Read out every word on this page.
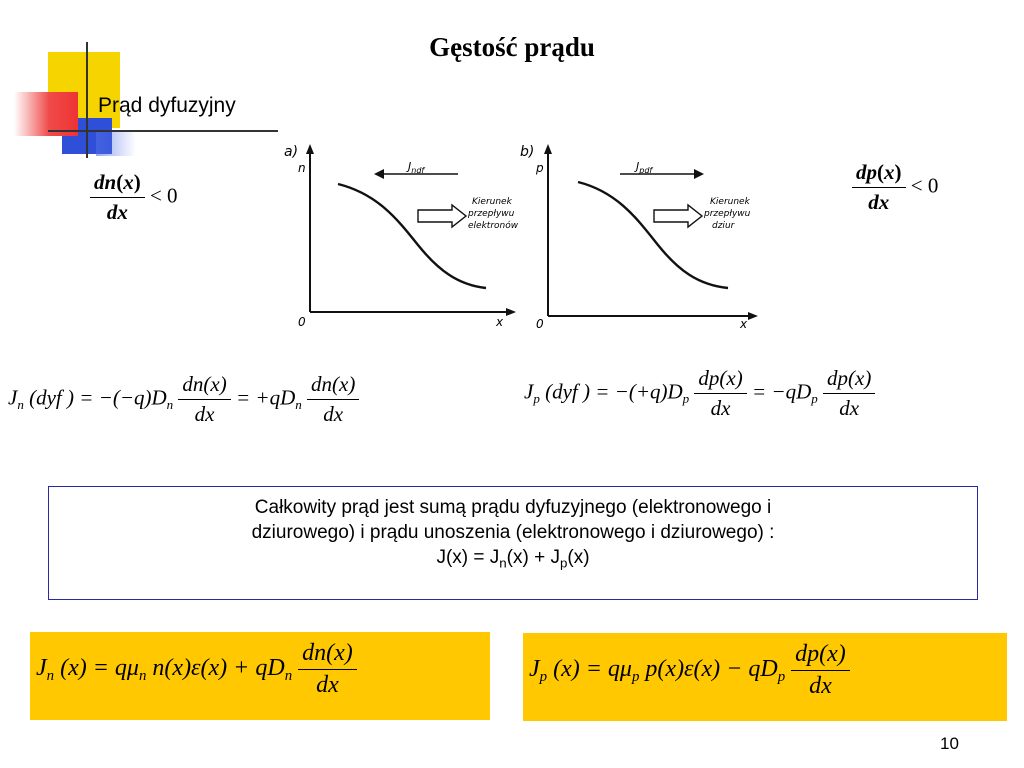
Gęstość prądu
Prąd dyfuzyjny
$\frac{dn(x)}{dx} < 0$	$\frac{dp(x)}{dx} < 0$
a)
n
x
0
$J_{ndf}$
Kierunek
przepływu
elektronów
b)
p
x
0
$J_{pdf}$
Kierunek
przepływu
dziur
$J_n$ (dyf ) = $-(-q)D_n \frac{dn(x)}{dx} = +qD_n \frac{dn(x)}{dx}$	$J_p$ (dyf ) = $-(+q)D_p \frac{dp(x)}{dx} = -qD_p \frac{dp(x)}{dx}$
Całkowity prąd jest sumą prądu dyfuzyjnego (elektronowego i
dziurowego) i prądu unoszenia (elektronowego i dziurowego) :
$J(x) = J_n(x) + J_p(x)$
$J_n$ $(x) = q\mu_n$ $n(x)\varepsilon(x) + qD_n \frac{dn(x)}{dx}$	$J_p$ $(x) = q\mu_p$ $p(x)\varepsilon(x) - qD_p \frac{dp(x)}{dx}$
10
